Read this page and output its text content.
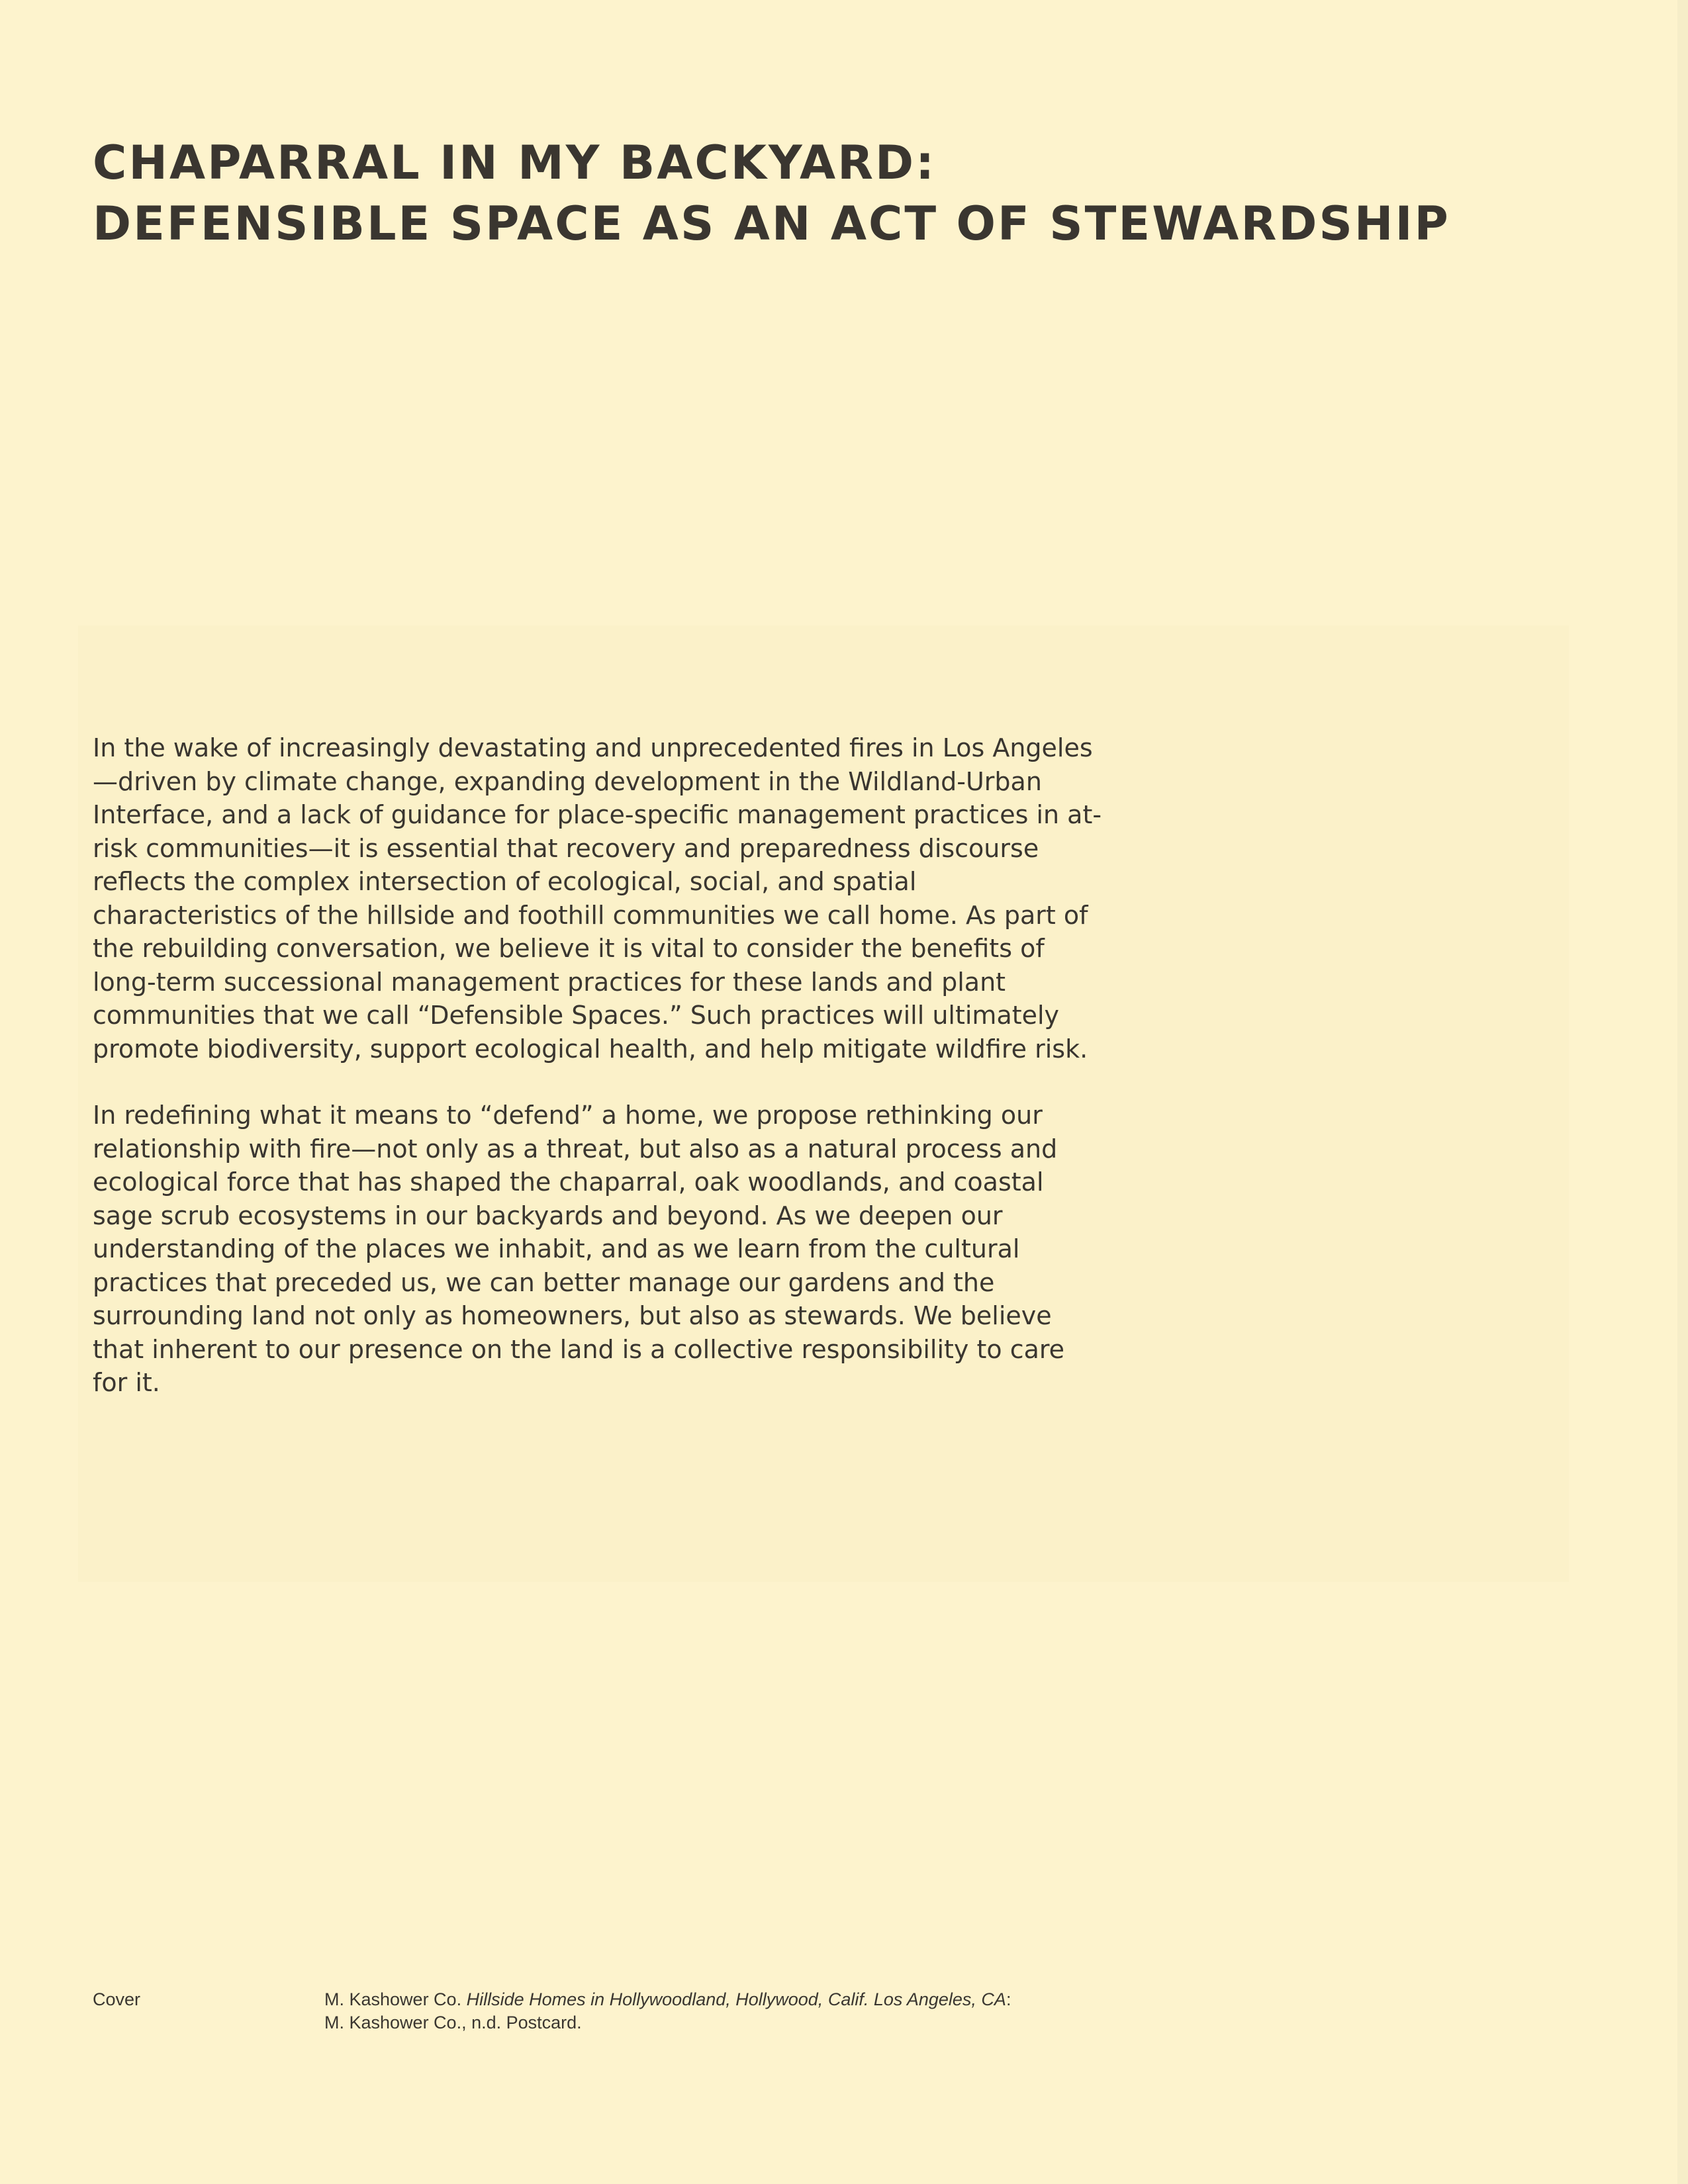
CHAPARRAL IN MY BACKYARD:
DEFENSIBLE SPACE AS AN ACT OF STEWARDSHIP

In the wake of increasingly devastating and unprecedented fires in Los Angeles—driven by climate change, expanding development in the Wildland-Urban Interface, and a lack of guidance for place-specific management practices in at-risk communities—it is essential that recovery and preparedness discourse reflects the complex intersection of ecological, social, and spatial characteristics of the hillside and foothill communities we call home. As part of the rebuilding conversation, we believe it is vital to consider the benefits of long-term successional management practices for these lands and plant communities that we call “Defensible Spaces.” Such practices will ultimately promote biodiversity, support ecological health, and help mitigate wildfire risk.

In redefining what it means to “defend” a home, we propose rethinking our relationship with fire—not only as a threat, but also as a natural process and ecological force that has shaped the chaparral, oak woodlands, and coastal sage scrub ecosystems in our backyards and beyond. As we deepen our understanding of the places we inhabit, and as we learn from the cultural practices that preceded us, we can better manage our gardens and the surrounding land not only as homeowners, but also as stewards. We believe that inherent to our presence on the land is a collective responsibility to care for it.

Cover	M. Kashower Co. Hillside Homes in Hollywoodland, Hollywood, Calif. Los Angeles, CA: M. Kashower Co., n.d. Postcard.
